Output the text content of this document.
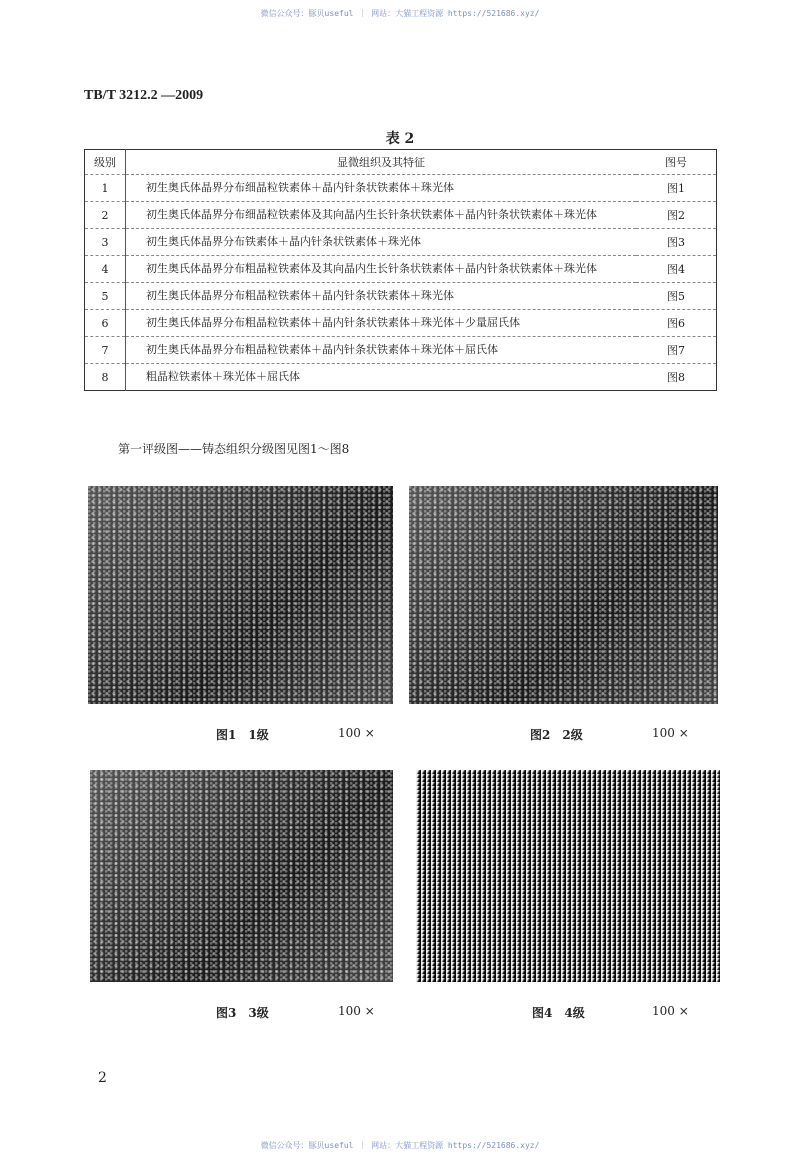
微信公众号：豚贝useful ｜ 网站：大猫工程资源 https://521686.xyz/
TB/T 3212.2 —2009
表 2
级别	显微组织及其特征	图号
1	初生奥氏体晶界分布细晶粒铁素体＋晶内针条状铁素体＋珠光体	图1
2	初生奥氏体晶界分布细晶粒铁素体及其向晶内生长针条状铁素体＋晶内针条状铁素体＋珠光体	图2
3	初生奥氏体晶界分布铁素体＋晶内针条状铁素体＋珠光体	图3
4	初生奥氏体晶界分布粗晶粒铁素体及其向晶内生长针条状铁素体＋晶内针条状铁素体＋珠光体	图4
5	初生奥氏体晶界分布粗晶粒铁素体＋晶内针条状铁素体＋珠光体	图5
6	初生奥氏体晶界分布粗晶粒铁素体＋晶内针条状铁素体＋珠光体＋少量屈氏体	图6
7	初生奥氏体晶界分布粗晶粒铁素体＋晶内针条状铁素体＋珠光体＋屈氏体	图7
8	粗晶粒铁素体＋珠光体＋屈氏体	图8
第一评级图——铸态组织分级图见图1～图8
图1　1级	100 ×	图2　2级	100 ×
图3　3级	100 ×	图4　4级	100 ×
2
微信公众号：豚贝useful ｜ 网站：大猫工程资源 https://521686.xyz/
